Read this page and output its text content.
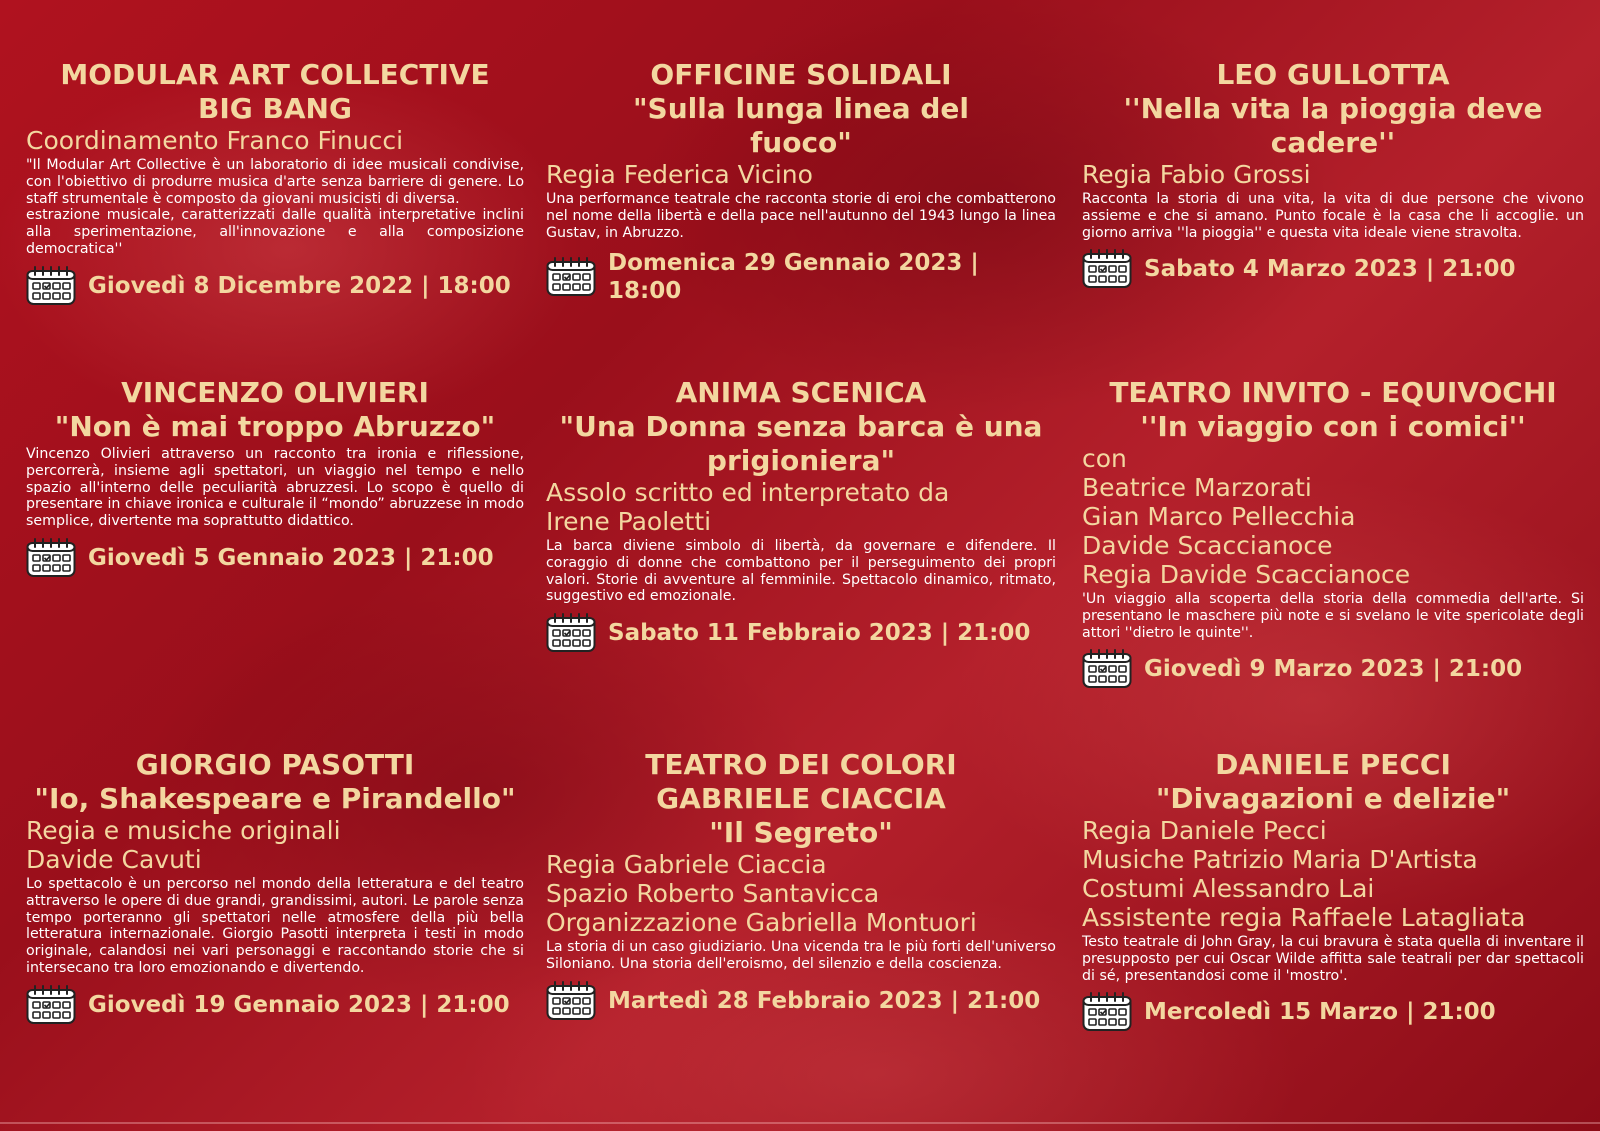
MODULAR ART COLLECTIVE
BIG BANG
Coordinamento Franco Finucci

"Il Modular Art Collective è un laboratorio di idee musicali condivise, con l'obiettivo di produrre musica d'arte senza barriere di genere. Lo staff strumentale è composto da giovani musicisti di diversa.
estrazione musicale, caratterizzati dalle qualità interpretative inclini alla sperimentazione, all'innovazione e alla composizione democratica''

Giovedì 8 Dicembre 2022 | 18:00
OFFICINE SOLIDALI
"Sulla lunga linea del
fuoco"
Regia Federica Vicino

Una performance teatrale che racconta storie di eroi che combatterono nel nome della libertà e della pace nell'autunno del 1943 lungo la linea Gustav, in Abruzzo.

Domenica 29 Gennaio 2023 | 18:00
LEO GULLOTTA
''Nella vita la pioggia deve
cadere''
Regia Fabio Grossi

Racconta la storia di una vita, la vita di due persone che vivono assieme e che si amano. Punto focale è la casa che li accoglie. un giorno arriva ''la pioggia'' e questa vita ideale viene stravolta.

Sabato 4 Marzo 2023 | 21:00
VINCENZO OLIVIERI
"Non è mai troppo Abruzzo"

Vincenzo Olivieri attraverso un racconto tra ironia e riflessione, percorrerà, insieme agli spettatori, un viaggio nel tempo e nello spazio all'interno delle peculiarità abruzzesi. Lo scopo è quello di presentare in chiave ironica e culturale il “mondo” abruzzese in modo semplice, divertente ma soprattutto didattico.

Giovedì 5 Gennaio 2023 | 21:00
ANIMA SCENICA
"Una Donna senza barca è una
prigioniera"
Assolo scritto ed interpretato da
Irene Paoletti

La barca diviene simbolo di libertà, da governare e difendere. Il coraggio di donne che combattono per il perseguimento dei propri valori. Storie di avventure al femminile. Spettacolo dinamico, ritmato, suggestivo ed emozionale.

Sabato 11 Febbraio 2023 | 21:00
TEATRO INVITO - EQUIVOCHI
''In viaggio con i comici''
con
Beatrice Marzorati
Gian Marco Pellecchia
Davide Scaccianoce
Regia Davide Scaccianoce

'Un viaggio alla scoperta della storia della commedia dell'arte. Si presentano le maschere più note e si svelano le vite spericolate degli attori ''dietro le quinte''.

Giovedì 9 Marzo 2023 | 21:00
GIORGIO PASOTTI
"Io, Shakespeare e Pirandello"
Regia e musiche originali
Davide Cavuti

Lo spettacolo è un percorso nel mondo della letteratura e del teatro attraverso le opere di due grandi, grandissimi, autori. Le parole senza tempo porteranno gli spettatori nelle atmosfere della più bella letteratura internazionale. Giorgio Pasotti interpreta i testi in modo originale, calandosi nei vari personaggi e raccontando storie che si intersecano tra loro emozionando e divertendo.

Giovedì 19 Gennaio 2023 | 21:00
TEATRO DEI COLORI
GABRIELE CIACCIA
"Il Segreto"
Regia Gabriele Ciaccia
Spazio Roberto Santavicca
Organizzazione Gabriella Montuori

La storia di un caso giudiziario. Una vicenda tra le più forti dell'universo Siloniano. Una storia dell'eroismo, del silenzio e della coscienza.

Martedì 28 Febbraio 2023 | 21:00
DANIELE PECCI
"Divagazioni e delizie"
Regia Daniele Pecci
Musiche Patrizio Maria D'Artista
Costumi Alessandro Lai
Assistente regia Raffaele Latagliata

Testo teatrale di John Gray, la cui bravura è stata quella di inventare il presupposto per cui Oscar Wilde affitta sale teatrali per dar spettacoli di sé, presentandosi come il 'mostro'.

Mercoledì 15 Marzo | 21:00
